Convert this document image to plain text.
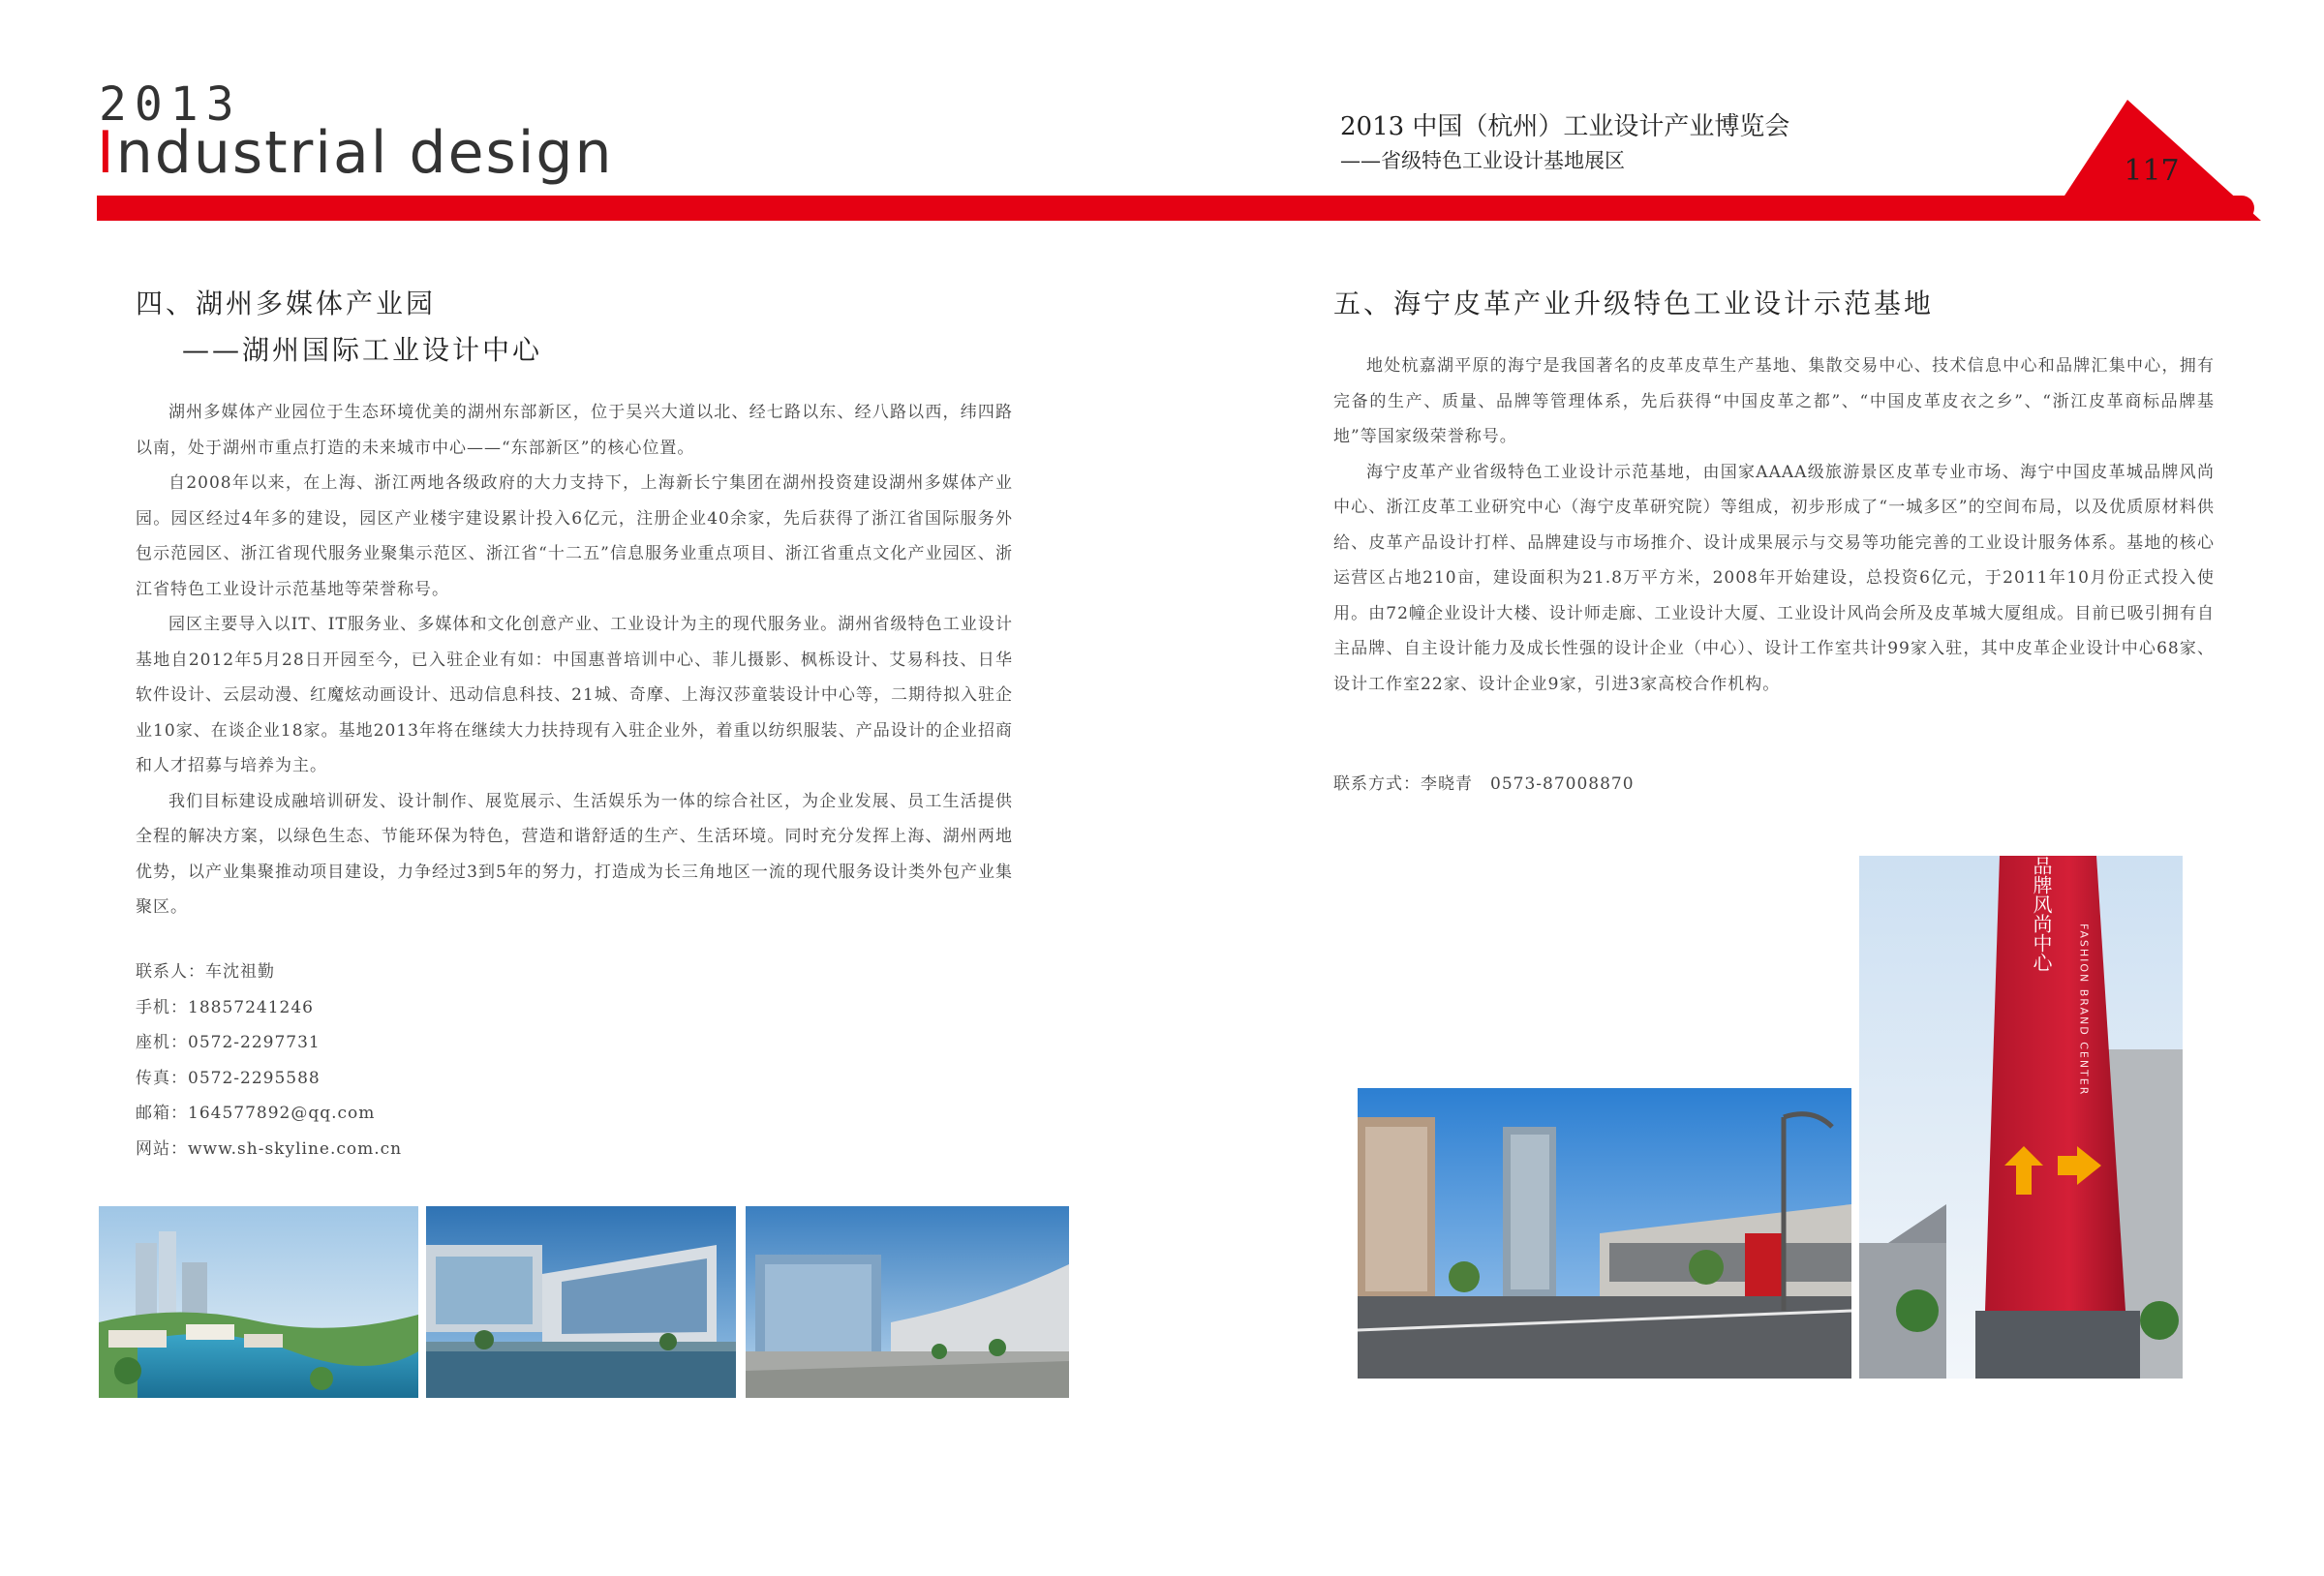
2013
Industrial design	2013 中国（杭州）工业设计产业博览会
——省级特色工业设计基地展区	117
四、湖州多媒体产业园
——湖州国际工业设计中心

湖州多媒体产业园位于生态环境优美的湖州东部新区，位于吴兴大道以北、经七路以东、经八路以西，纬四路以南，处于湖州市重点打造的未来城市中心——“东部新区”的核心位置。

自2008年以来，在上海、浙江两地各级政府的大力支持下，上海新长宁集团在湖州投资建设湖州多媒体产业园。园区经过4年多的建设，园区产业楼宇建设累计投入6亿元，注册企业40余家，先后获得了浙江省国际服务外包示范园区、浙江省现代服务业聚集示范区、浙江省“十二五”信息服务业重点项目、浙江省重点文化产业园区、浙江省特色工业设计示范基地等荣誉称号。

园区主要导入以IT、IT服务业、多媒体和文化创意产业、工业设计为主的现代服务业。湖州省级特色工业设计基地自2012年5月28日开园至今，已入驻企业有如：中国惠普培训中心、菲儿摄影、枫栎设计、艾易科技、日华软件设计、云层动漫、红魔炫动画设计、迅动信息科技、21城、奇摩、上海汉莎童装设计中心等，二期待拟入驻企业10家、在谈企业18家。基地2013年将在继续大力扶持现有入驻企业外，着重以纺织服装、产品设计的企业招商和人才招募与培养为主。

我们目标建设成融培训研发、设计制作、展览展示、生活娱乐为一体的综合社区，为企业发展、员工生活提供全程的解决方案，以绿色生态、节能环保为特色，营造和谐舒适的生产、生活环境。同时充分发挥上海、湖州两地优势，以产业集聚推动项目建设，力争经过3到5年的努力，打造成为长三角地区一流的现代服务设计类外包产业集聚区。

联系人：车沈祖勤
手机：18857241246
座机：0572-2297731
传真：0572-2295588
邮箱：164577892@qq.com
网站：www.sh-skyline.com.cn
五、海宁皮革产业升级特色工业设计示范基地

地处杭嘉湖平原的海宁是我国著名的皮革皮草生产基地、集散交易中心、技术信息中心和品牌汇集中心，拥有完备的生产、质量、品牌等管理体系，先后获得“中国皮革之都”、“中国皮革皮衣之乡”、“浙江皮革商标品牌基地”等国家级荣誉称号。

海宁皮革产业省级特色工业设计示范基地，由国家AAAA级旅游景区皮革专业市场、海宁中国皮革城品牌风尚中心、浙江皮革工业研究中心（海宁皮革研究院）等组成，初步形成了“一城多区”的空间布局，以及优质原材料供给、皮革产品设计打样、品牌建设与市场推介、设计成果展示与交易等功能完善的工业设计服务体系。基地的核心运营区占地210亩，建设面积为21.8万平方米，2008年开始建设，总投资6亿元，于2011年10月份正式投入使用。由72幢企业设计大楼、设计师走廊、工业设计大厦、工业设计风尚会所及皮革城大厦组成。目前已吸引拥有自主品牌、自主设计能力及成长性强的设计企业（中心）、设计工作室共计99家入驻，其中皮革企业设计中心68家、设计工作室22家、设计企业9家，引进3家高校合作机构。

联系方式：李晓青　0573-87008870
品牌风尚中心
FASHION BRAND CENTER
